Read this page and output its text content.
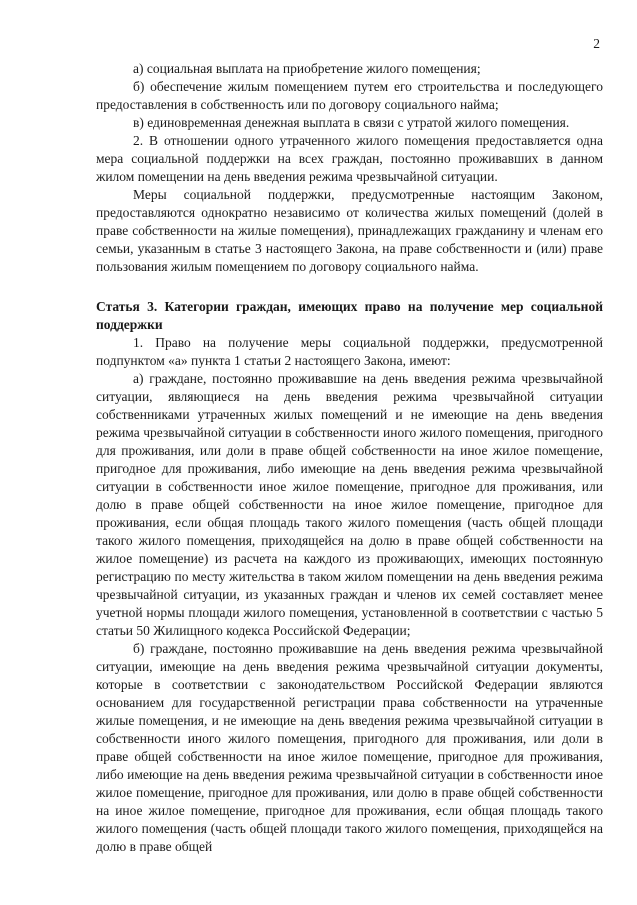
2

а) социальная выплата на приобретение жилого помещения;

б) обеспечение жилым помещением путем его строительства и последующего предоставления в собственность или по договору социального найма;

в) единовременная денежная выплата в связи с утратой жилого помещения.

2. В отношении одного утраченного жилого помещения предоставляется одна мера социальной поддержки на всех граждан, постоянно проживавших в данном жилом помещении на день введения режима чрезвычайной ситуации.

Меры социальной поддержки, предусмотренные настоящим Законом, предоставляются однократно независимо от количества жилых помещений (долей в праве собственности на жилые помещения), принадлежащих гражданину и членам его семьи, указанным в статье 3 настоящего Закона, на праве собственности и (или) праве пользования жилым помещением по договору социального найма.

Статья 3. Категории граждан, имеющих право на получение мер социальной поддержки

1. Право на получение меры социальной поддержки, предусмотренной подпунктом «а» пункта 1 статьи 2 настоящего Закона, имеют:

а) граждане, постоянно проживавшие на день введения режима чрезвычайной ситуации, являющиеся на день введения режима чрезвычайной ситуации собственниками утраченных жилых помещений и не имеющие на день введения режима чрезвычайной ситуации в собственности иного жилого помещения, пригодного для проживания, или доли в праве общей собственности на иное жилое помещение, пригодное для проживания, либо имеющие на день введения режима чрезвычайной ситуации в собственности иное жилое помещение, пригодное для проживания, или долю в праве общей собственности на иное жилое помещение, пригодное для проживания, если общая площадь такого жилого помещения (часть общей площади такого жилого помещения, приходящейся на долю в праве общей собственности на жилое помещение) из расчета на каждого из проживающих, имеющих постоянную регистрацию по месту жительства в таком жилом помещении на день введения режима чрезвычайной ситуации, из указанных граждан и членов их семей составляет менее учетной нормы площади жилого помещения, установленной в соответствии с частью 5 статьи 50 Жилищного кодекса Российской Федерации;

б) граждане, постоянно проживавшие на день введения режима чрезвычайной ситуации, имеющие на день введения режима чрезвычайной ситуации документы, которые в соответствии с законодательством Российской Федерации являются основанием для государственной регистрации права собственности на утраченные жилые помещения, и не имеющие на день введения режима чрезвычайной ситуации в собственности иного жилого помещения, пригодного для проживания, или доли в праве общей собственности на иное жилое помещение, пригодное для проживания, либо имеющие на день введения режима чрезвычайной ситуации в собственности иное жилое помещение, пригодное для проживания, или долю в праве общей собственности на иное жилое помещение, пригодное для проживания, если общая площадь такого жилого помещения (часть общей площади такого жилого помещения, приходящейся на долю в праве общей
